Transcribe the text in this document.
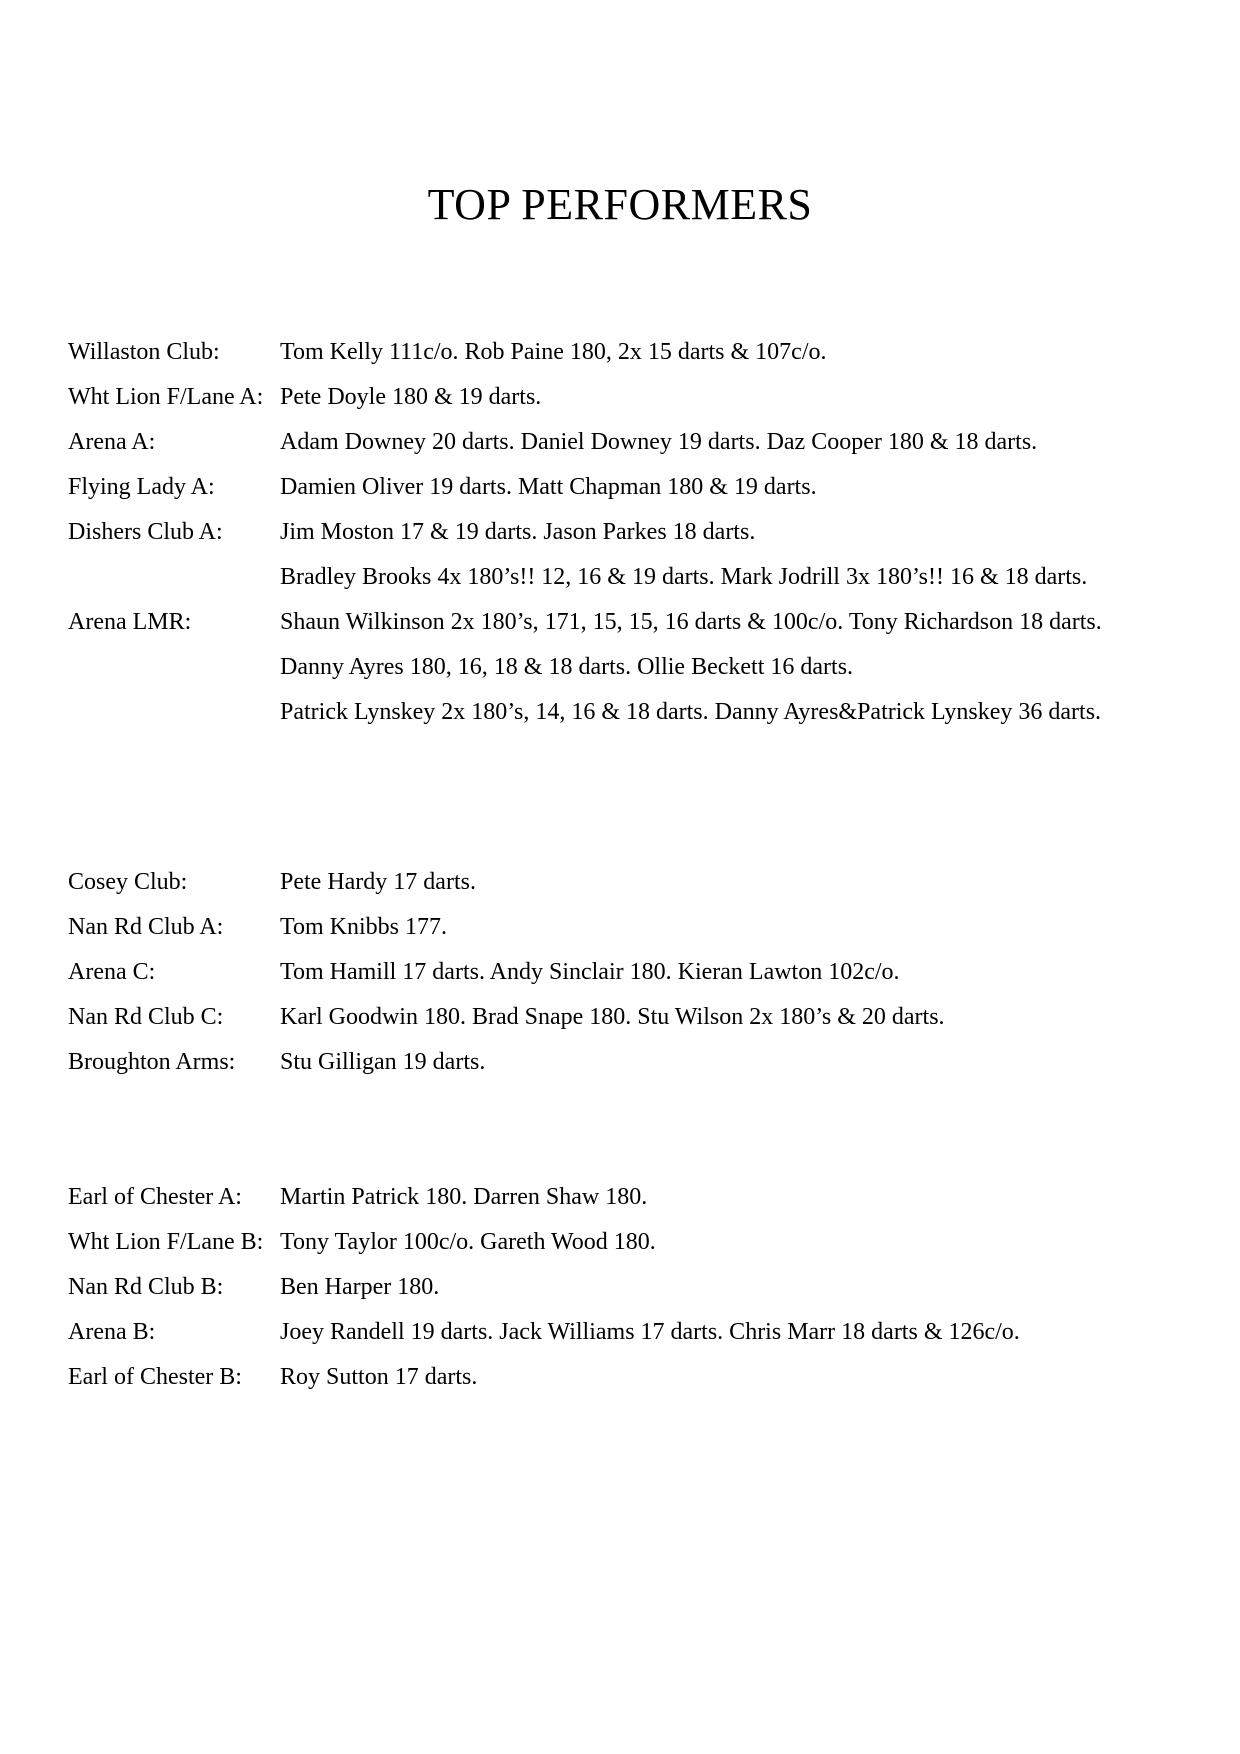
TOP PERFORMERS
Willaston Club:	Tom Kelly 111c/o. Rob Paine 180, 2x 15 darts & 107c/o.
Wht Lion F/Lane A: Pete Doyle 180 & 19 darts.
Arena A:	Adam Downey 20 darts. Daniel Downey 19 darts. Daz Cooper 180 & 18 darts.
Flying Lady A:	Damien Oliver 19 darts. Matt Chapman 180 & 19 darts.
Dishers Club A:	Jim Moston 17 & 19 darts. Jason Parkes 18 darts.
Bradley Brooks 4x 180’s!! 12, 16 & 19 darts. Mark Jodrill 3x 180’s!! 16 & 18 darts.
Arena LMR:	Shaun Wilkinson 2x 180’s, 171, 15, 15, 16 darts & 100c/o. Tony Richardson 18 darts.
Danny Ayres 180, 16, 18 & 18 darts. Ollie Beckett 16 darts.
Patrick Lynskey 2x 180’s, 14, 16 & 18 darts. Danny Ayres&Patrick Lynskey 36 darts.
Cosey Club:	Pete Hardy 17 darts.
Nan Rd Club A:	Tom Knibbs 177.
Arena C:	Tom Hamill 17 darts. Andy Sinclair 180. Kieran Lawton 102c/o.
Nan Rd Club C:	Karl Goodwin 180. Brad Snape 180. Stu Wilson 2x 180’s & 20 darts.
Broughton Arms:	Stu Gilligan 19 darts.
Earl of Chester A:	Martin Patrick 180. Darren Shaw 180.
Wht Lion F/Lane B: Tony Taylor 100c/o. Gareth Wood 180.
Nan Rd Club B:	Ben Harper 180.
Arena B:	Joey Randell 19 darts. Jack Williams 17 darts. Chris Marr 18 darts & 126c/o.
Earl of Chester B:	Roy Sutton 17 darts.
